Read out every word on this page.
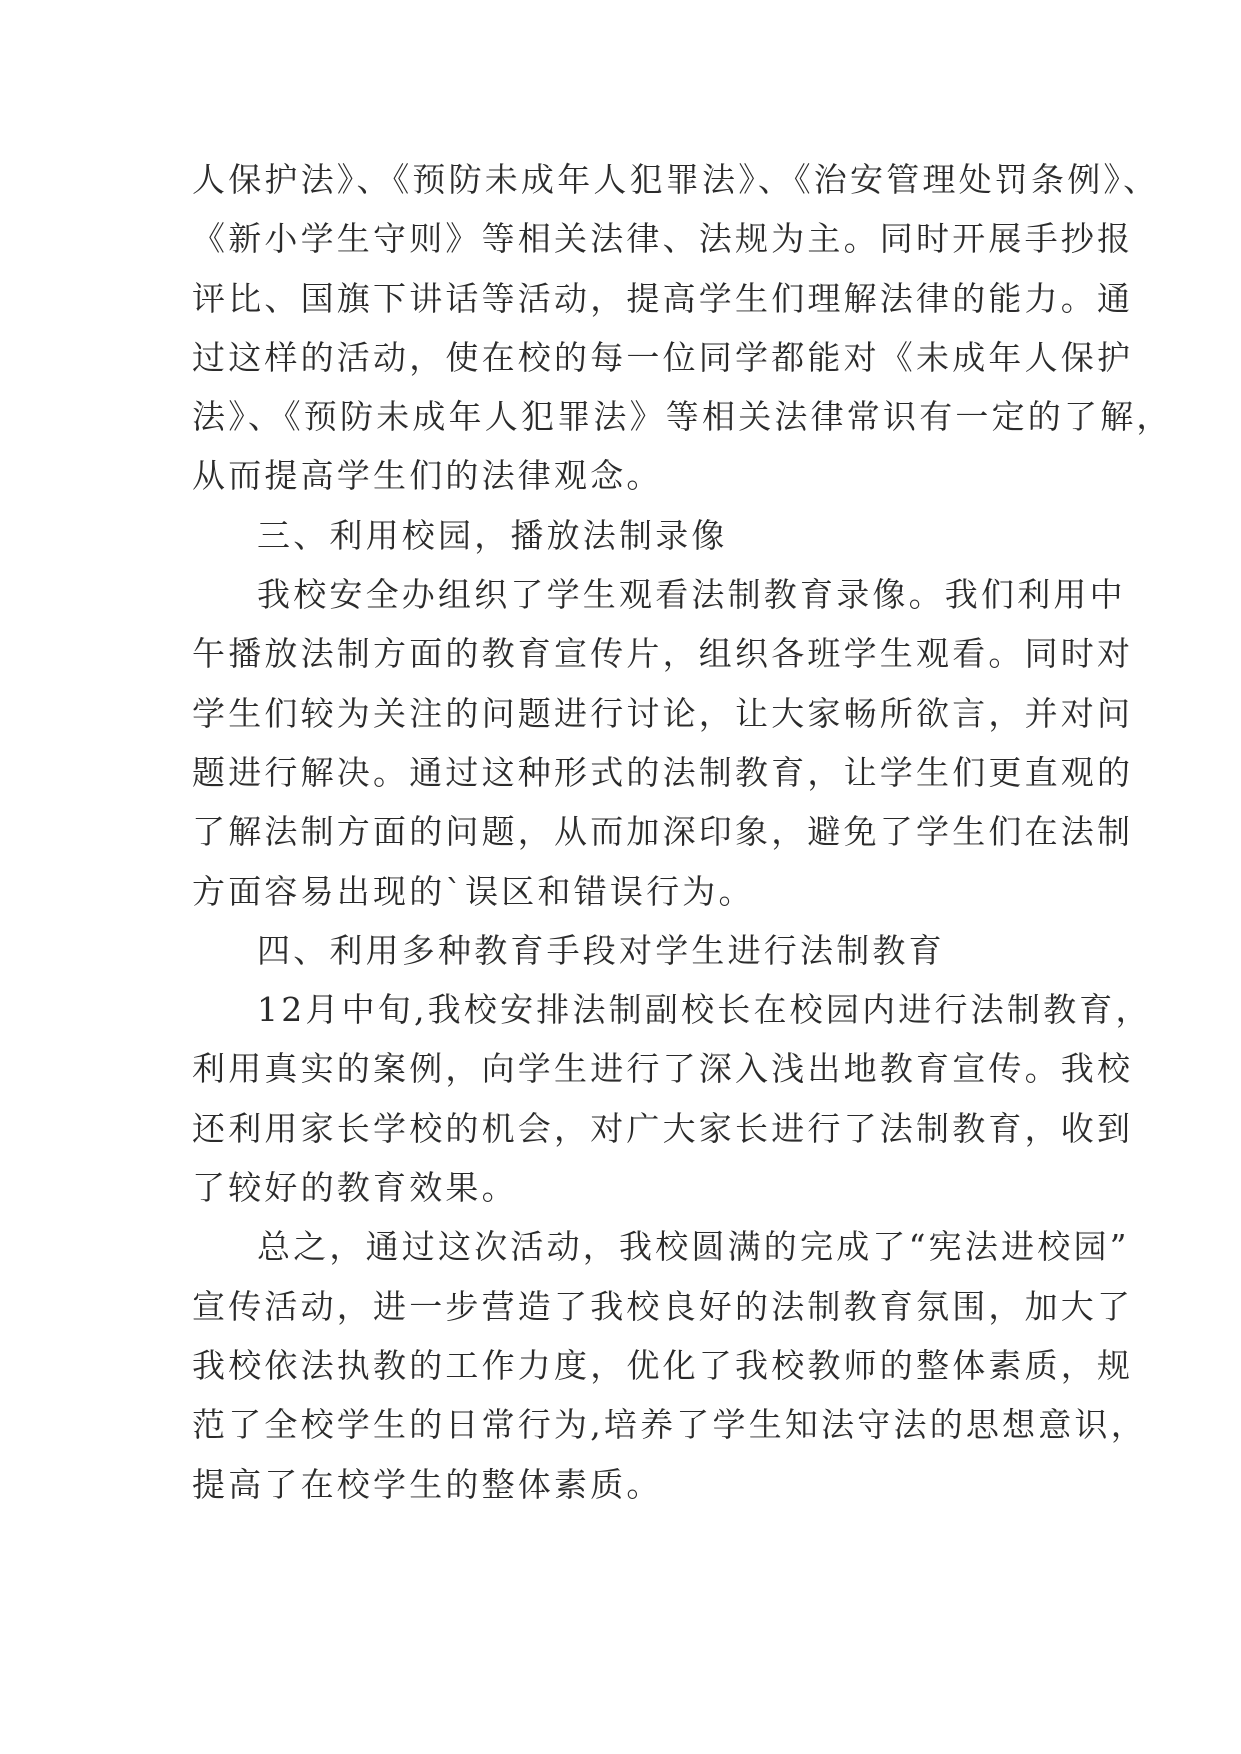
人保护法》、《预防未成年人犯罪法》、《治安管理处罚条例》、
《新小学生守则》等相关法律、法规为主。同时开展手抄报
评比、国旗下讲话等活动，提高学生们理解法律的能力。通
过这样的活动，使在校的每一位同学都能对《未成年人保护
法》、《预防未成年人犯罪法》等相关法律常识有一定的了解，
从而提高学生们的法律观念。
三、利用校园，播放法制录像
我校安全办组织了学生观看法制教育录像。我们利用中
午播放法制方面的教育宣传片，组织各班学生观看。同时对
学生们较为关注的问题进行讨论，让大家畅所欲言，并对问
题进行解决。通过这种形式的法制教育，让学生们更直观的
了解法制方面的问题，从而加深印象，避免了学生们在法制
方面容易出现的`误区和错误行为。
四、利用多种教育手段对学生进行法制教育
12月中旬,我校安排法制副校长在校园内进行法制教育，
利用真实的案例，向学生进行了深入浅出地教育宣传。我校
还利用家长学校的机会，对广大家长进行了法制教育，收到
了较好的教育效果。
总之，通过这次活动，我校圆满的完成了“宪法进校园”
宣传活动，进一步营造了我校良好的法制教育氛围，加大了
我校依法执教的工作力度，优化了我校教师的整体素质，规
范了全校学生的日常行为,培养了学生知法守法的思想意识，
提高了在校学生的整体素质。
